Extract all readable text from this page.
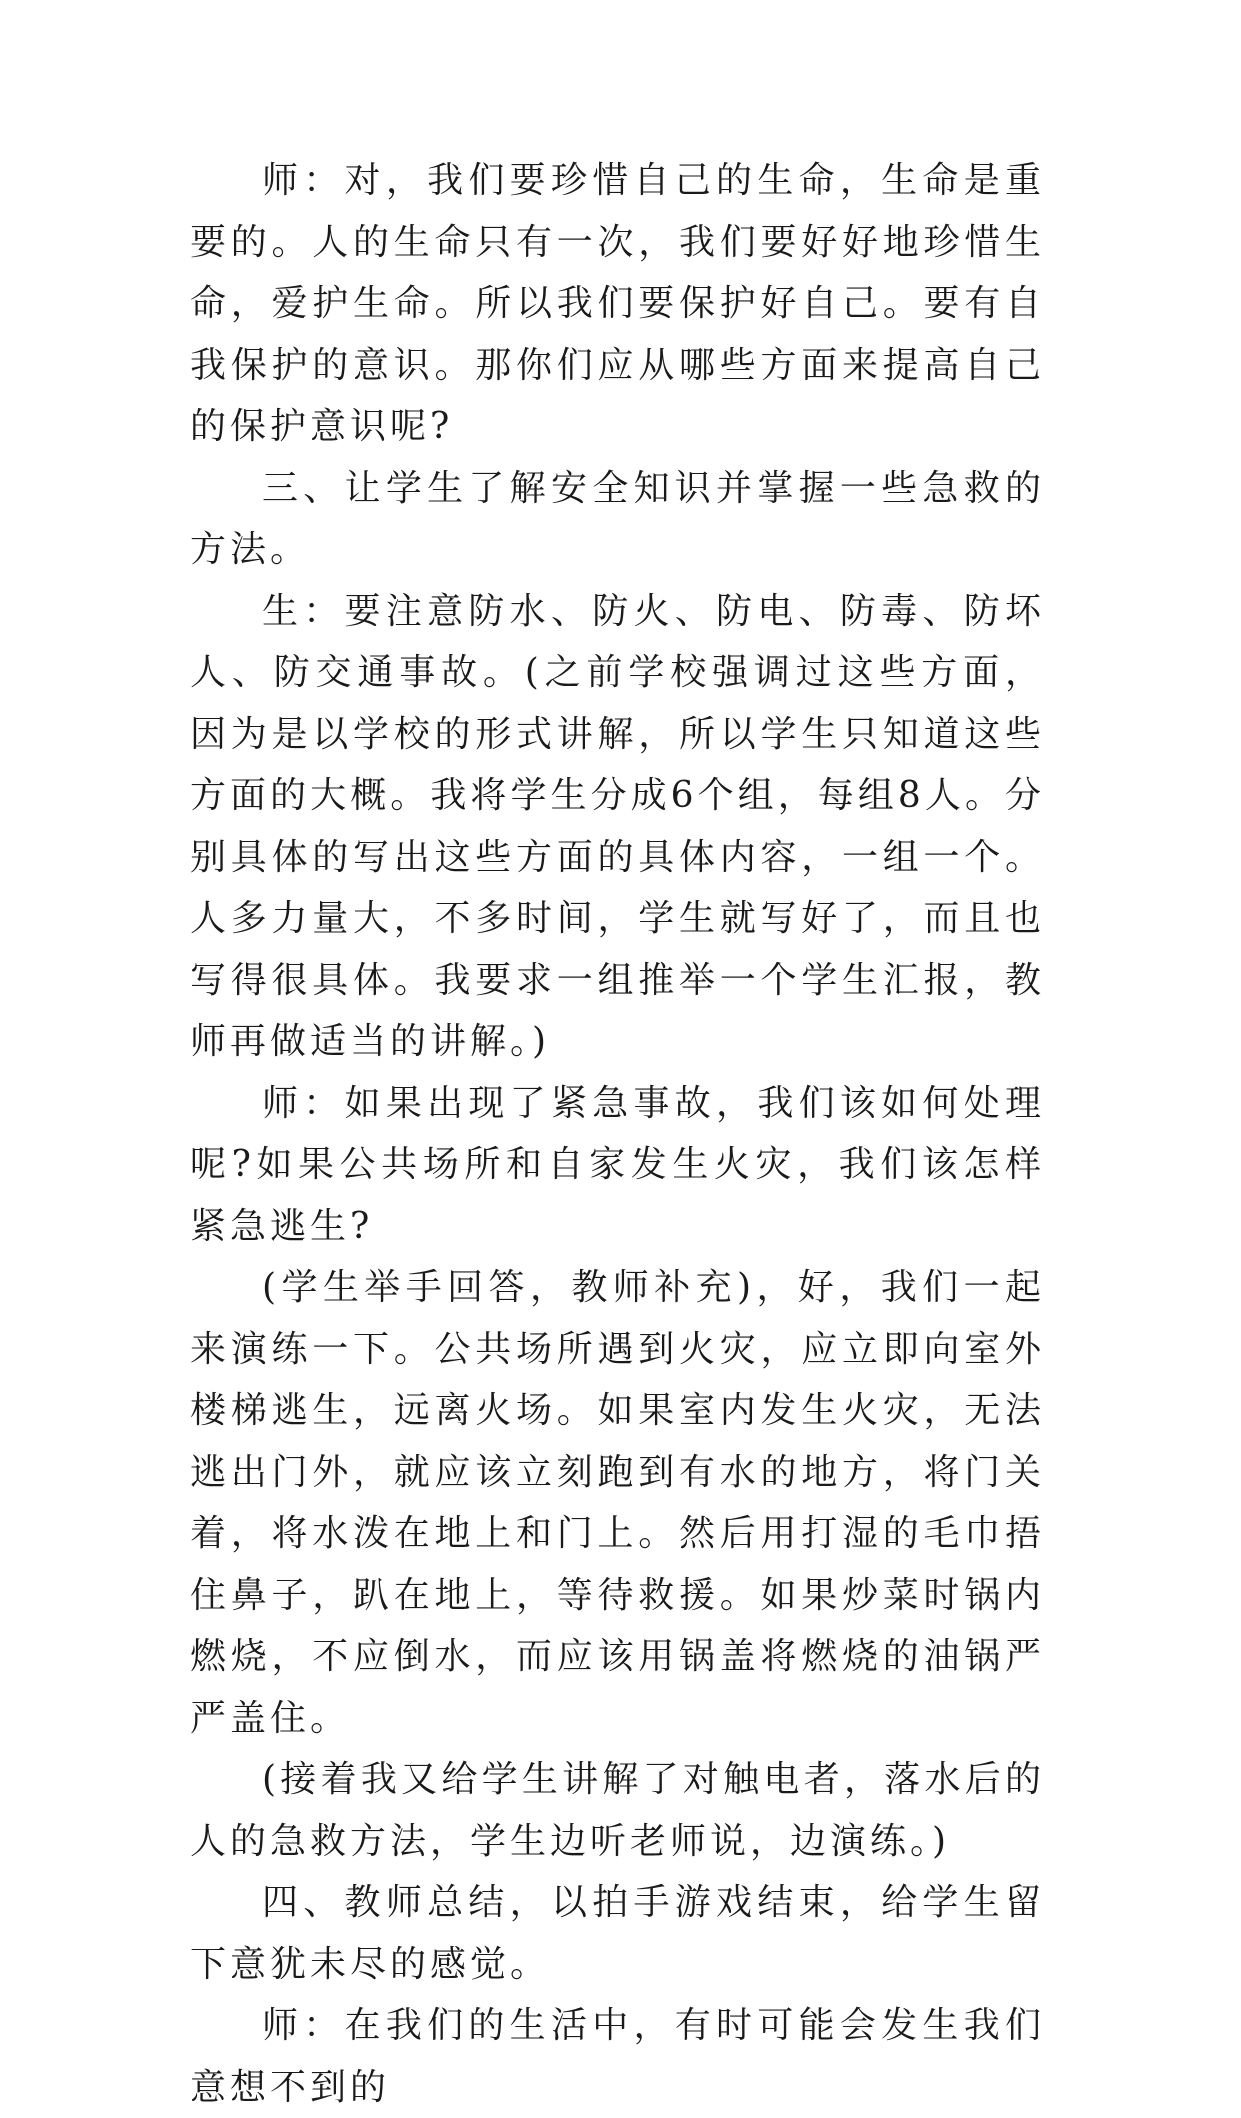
师：对，我们要珍惜自己的生命，生命是重要的。人的生命只有一次，我们要好好地珍惜生命，爱护生命。所以我们要保护好自己。要有自我保护的意识。那你们应从哪些方面来提高自己的保护意识呢?

三、让学生了解安全知识并掌握一些急救的方法。

生：要注意防水、防火、防电、防毒、防坏人、防交通事故。(之前学校强调过这些方面，因为是以学校的形式讲解，所以学生只知道这些方面的大概。我将学生分成6个组，每组8人。分别具体的写出这些方面的具体内容，一组一个。人多力量大，不多时间，学生就写好了，而且也写得很具体。我要求一组推举一个学生汇报，教师再做适当的讲解。)

师：如果出现了紧急事故，我们该如何处理呢?如果公共场所和自家发生火灾，我们该怎样紧急逃生?

(学生举手回答，教师补充)，好，我们一起来演练一下。公共场所遇到火灾，应立即向室外楼梯逃生，远离火场。如果室内发生火灾，无法逃出门外，就应该立刻跑到有水的地方，将门关着，将水泼在地上和门上。然后用打湿的毛巾捂住鼻子，趴在地上，等待救援。如果炒菜时锅内燃烧，不应倒水，而应该用锅盖将燃烧的油锅严严盖住。

(接着我又给学生讲解了对触电者，落水后的人的急救方法，学生边听老师说，边演练。)

四、教师总结，以拍手游戏结束，给学生留下意犹未尽的感觉。

师：在我们的生活中，有时可能会发生我们意想不到的
